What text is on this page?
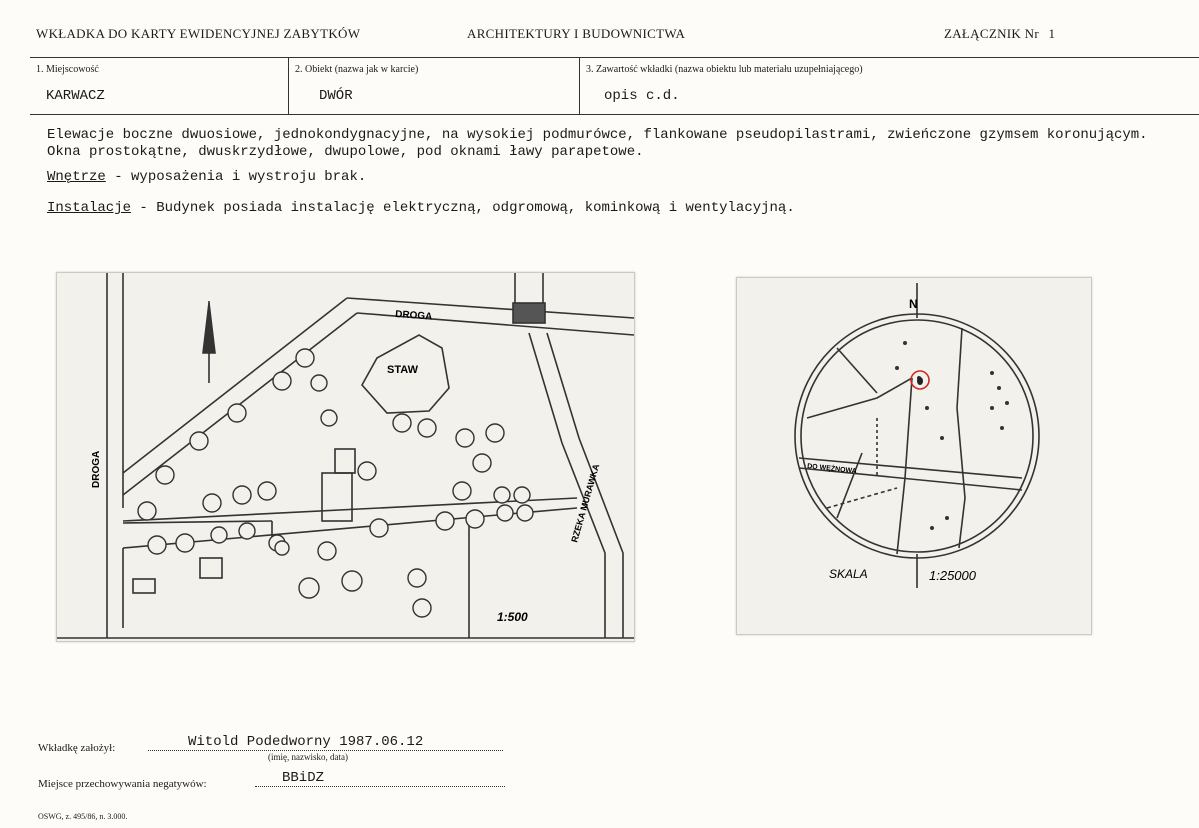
WKŁADKA DO KARTY EWIDENCYJNEJ ZABYTKÓW	ARCHITEKTURY I BUDOWNICTWA	ZAŁĄCZNIK Nr 1
1. Miejscowość
KARWACZ
2. Obiekt (nazwa jak w karcie)
DWÓR
3. Zawartość wkładki (nazwa obiektu lub materiału uzupełniającego)
opis c.d.

Elewacje boczne dwuosiowe, jednokondygnacyjne, na wysokiej podmurówce, flankowane pseudopilastrami, zwieńczone gzymsem koronującym. Okna prostokątne, dwuskrzydłowe, dwupolowe, pod oknami ławy parapetowe.

Wnętrze - wyposażenia i wystroju brak.

Instalacje - Budynek posiada instalację elektryczną, odgromową, kominkową i wentylacyjną.

DROGA
DROGA
STAW
RZEKA MURAWKA
1:500
N
DO WĘŻNOWA
SKALA	1:25000
Wkładkę założył:	Witold Podedworny 1987.06.12
(imię, nazwisko, data)
Miejsce przechowywania negatywów:	BBiDZ
OSWG, z. 495/86, n. 3.000.
